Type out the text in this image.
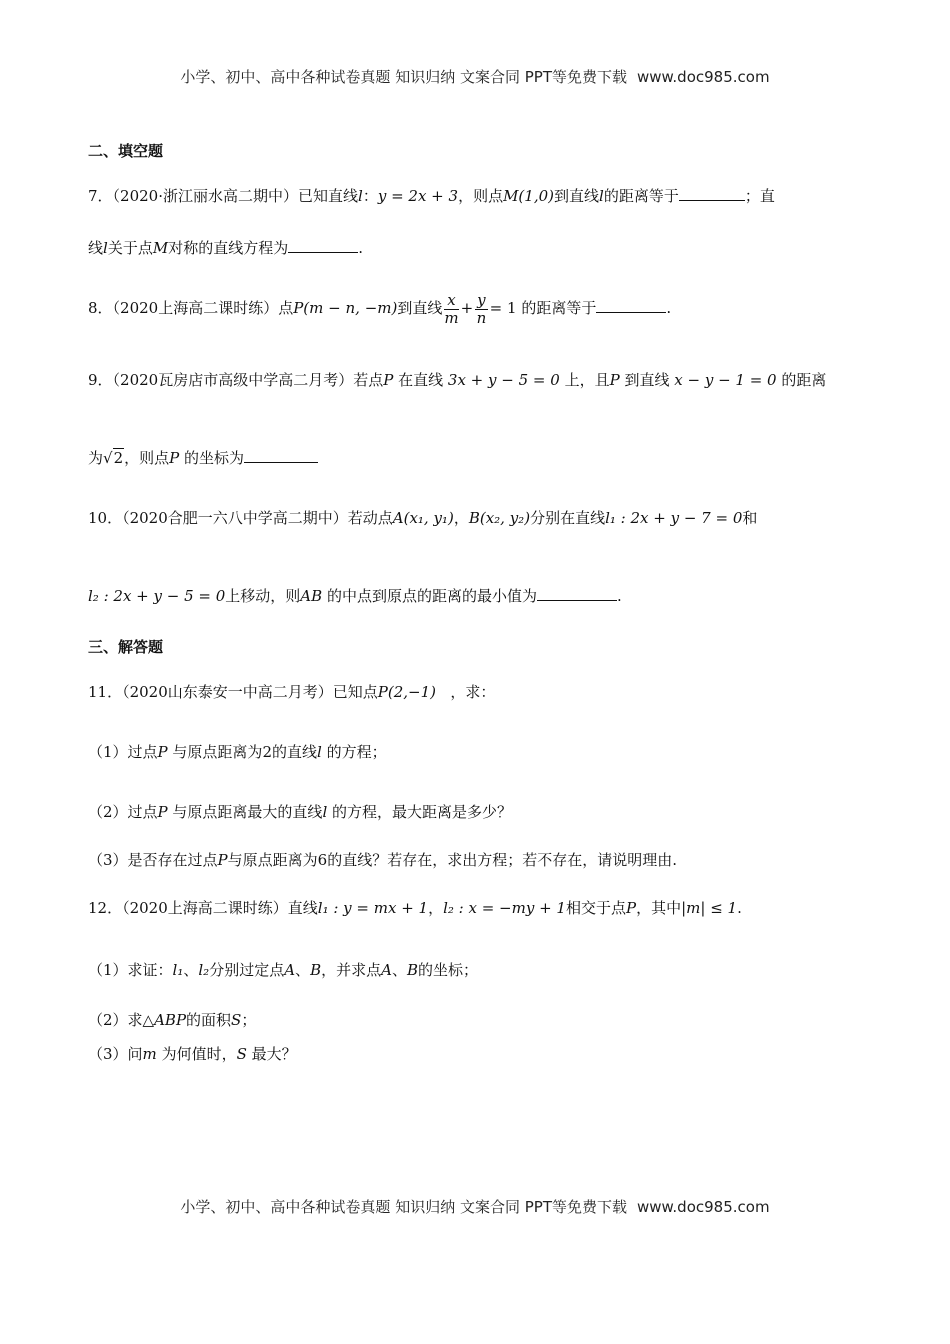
小学、初中、高中各种试卷真题 知识归纳 文案合同 PPT等免费下载 www.doc985.com
二、填空题
7．（2020·浙江丽水高二期中）已知直线l：y = 2x + 3，则点M(1,0)到直线l的距离等于	；直
线l关于点M对称的直线方程为	.
8．（2020上海高二课时练）点P(m − n, −m)到直线 $\frac{x}{m} + \frac{y}{n} = 1$ 的距离等于	.
9．（2020瓦房店市高级中学高二月考）若点P 在直线 3x + y − 5 = 0 上，且P 到直线 x − y − 1 = 0 的距离
为√2，则点P 的坐标为
10．（2020合肥一六八中学高二期中）若动点A(x₁, y₁)，B(x₂, y₂)分别在直线l₁ : 2x + y − 7 = 0和
l₂ : 2x + y − 5 = 0上移动，则AB 的中点到原点的距离的最小值为	.
三、解答题
11．（2020山东泰安一中高二月考）已知点P(2,−1) ，求：
（1）过点P 与原点距离为2的直线l 的方程；
（2）过点P 与原点距离最大的直线l 的方程，最大距离是多少？
（3）是否存在过点P与原点距离为6的直线？若存在，求出方程；若不存在，请说明理由.
12．（2020上海高二课时练）直线l₁ : y = mx + 1，l₂ : x = −my + 1相交于点P，其中|m| ≤ 1.
（1）求证：l₁、l₂分别过定点A、B，并求点A、B的坐标；
（2）求△ABP的面积S；
（3）问m 为何值时，S 最大？
小学、初中、高中各种试卷真题 知识归纳 文案合同 PPT等免费下载 www.doc985.com
